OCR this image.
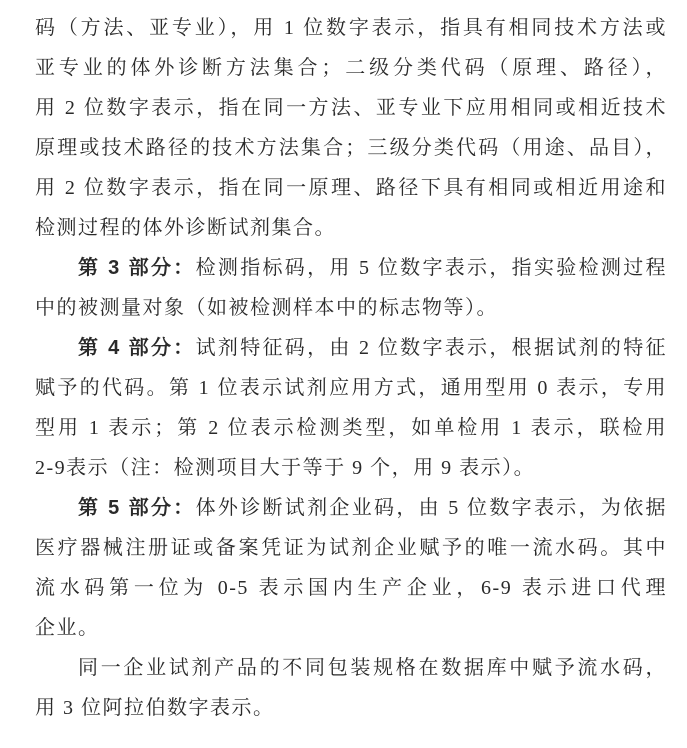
码（方法、亚专业），用 1 位数字表示，指具有相同技术方法或
亚专业的体外诊断方法集合；二级分类代码（原理、路径），
用 2 位数字表示，指在同一方法、亚专业下应用相同或相近技术
原理或技术路径的技术方法集合；三级分类代码（用途、品目），
用 2 位数字表示，指在同一原理、路径下具有相同或相近用途和
检测过程的体外诊断试剂集合。
第 3 部分：检测指标码，用 5 位数字表示，指实验检测过程
中的被测量对象（如被检测样本中的标志物等）。
第 4 部分：试剂特征码，由 2 位数字表示，根据试剂的特征
赋予的代码。第 1 位表示试剂应用方式，通用型用 0 表示，专用
型用 1 表示；第 2 位表示检测类型，如单检用 1 表示，联检用
2-9表示（注：检测项目大于等于 9 个，用 9 表示）。
第 5 部分：体外诊断试剂企业码，由 5 位数字表示，为依据
医疗器械注册证或备案凭证为试剂企业赋予的唯一流水码。其中
流水码第一位为 0-5 表示国内生产企业，6-9 表示进口代理
企业。
同一企业试剂产品的不同包装规格在数据库中赋予流水码，
用 3 位阿拉伯数字表示。
